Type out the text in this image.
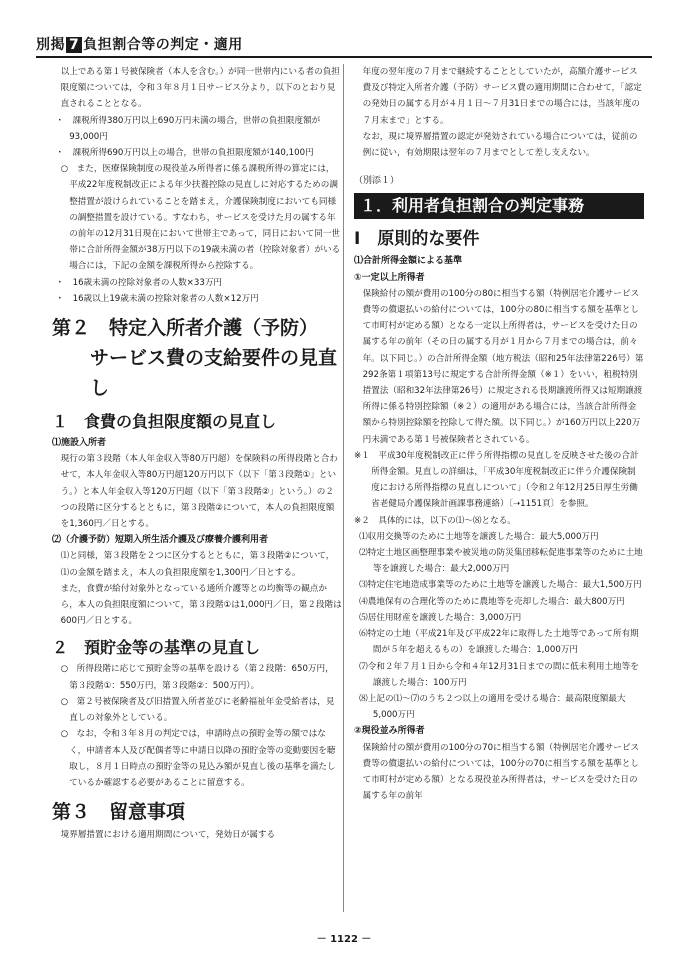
別掲 7 負担割合等の判定・適用

以上である第１号被保険者（本人を含む。）が同一世帯内にいる者の負担限度額については，令和３年８月１日サービス分より，以下のとおり見直されることとなる。

・　課税所得380万円以上690万円未満の場合，世帯の負担限度額が93,000円

・　課税所得690万円以上の場合，世帯の負担限度額が140,100円

○　また，医療保険制度の現役並み所得者に係る課税所得の算定には，平成22年度税制改正による年少扶養控除の見直しに対応するための調整措置が設けられていることを踏まえ，介護保険制度においても同様の調整措置を設けている。すなわち，サービスを受けた月の属する年の前年の12月31日現在において世帯主であって，同日において同一世帯に合計所得金額が38万円以下の19歳未満の者（控除対象者）がいる場合には，下記の金額を課税所得から控除する。

・　16歳未満の控除対象者の人数×33万円

・　16歳以上19歳未満の控除対象者の人数×12万円

第２　特定入所者介護（予防）
サービス費の支給要件の見直し
１　食費の負担限度額の見直し

⑴施設入所者

現行の第３段階（本人年金収入等80万円超）を保険料の所得段階と合わせて，本人年金収入等80万円超120万円以下（以下「第３段階①」という。）と本人年金収入等120万円超（以下「第３段階②」という。）の２つの段階に区分するとともに，第３段階②について，本人の負担限度額を1,360円／日とする。

⑵（介護予防）短期入所生活介護及び療養介護利用者

⑴と同様，第３段階を２つに区分するとともに，第３段階②について，⑴の金額を踏まえ，本人の負担限度額を1,300円／日とする。

また，食費が給付対象外となっている通所介護等との均衡等の観点から，本人の負担限度額について，第３段階①は1,000円／日，第２段階は600円／日とする。

２　預貯金等の基準の見直し

○　所得段階に応じて預貯金等の基準を設ける（第２段階：650万円，第３段階①：550万円，第３段階②：500万円）。

○　第２号被保険者及び旧措置入所者並びに老齢福祉年金受給者は，見直しの対象外としている。

○　なお，令和３年８月の判定では，申請時点の預貯金等の額ではなく，申請者本人及び配偶者等に申請日以降の預貯金等の変動要因を聴取し，８月１日時点の預貯金等の見込み額が見直し後の基準を満たしているか確認する必要があることに留意する。

第３　留意事項

境界層措置における適用期間について，発効日が属する

年度の翌年度の７月まで継続することとしていたが，高額介護サービス費及び特定入所者介護（予防）サービス費の適用期間に合わせて，「認定の発効日の属する月が４月１日～７月31日までの場合には，当該年度の７月末まで」とする。

なお，現に境界層措置の認定が発効されている場合については，従前の例に従い，有効期限は翌年の７月までとして差し支えない。

（別添１）

１．利用者負担割合の判定事務
Ⅰ　原則的な要件

⑴合計所得金額による基準

①一定以上所得者

保険給付の額が費用の100分の80に相当する額（特例居宅介護サービス費等の償還払いの給付については，100分の80に相当する額を基準として市町村が定める額）となる一定以上所得者は，サービスを受けた日の属する年の前年（その日の属する月が１月から７月までの場合は，前々年。以下同じ。）の合計所得金額（地方税法（昭和25年法律第226号）第292条第１項第13号に規定する合計所得金額（※１）をいい，租税特別措置法（昭和32年法律第26号）に規定される長期譲渡所得又は短期譲渡所得に係る特別控除額（※２）の適用がある場合には，当該合計所得金額から特別控除額を控除して得た額。以下同じ。）が160万円以上220万円未満である第１号被保険者とされている。

※１　平成30年度税制改正に伴う所得指標の見直しを反映させた後の合計所得金額。見直しの詳細は，「平成30年度税制改正に伴う介護保険制度における所得指標の見直しについて」（令和２年12月25日厚生労働省老健局介護保険計画課事務連絡）〔➝1151頁〕を参照。

※２　具体的には，以下の⑴～⑻となる。

⑴収用交換等のために土地等を譲渡した場合：最大5,000万円

⑵特定土地区画整理事業や被災地の防災集団移転促進事業等のために土地等を譲渡した場合：最大2,000万円

⑶特定住宅地造成事業等のために土地等を譲渡した場合：最大1,500万円

⑷農地保有の合理化等のために農地等を売却した場合：最大800万円

⑸居住用財産を譲渡した場合：3,000万円

⑹特定の土地（平成21年及び平成22年に取得した土地等であって所有期間が５年を超えるもの）を譲渡した場合：1,000万円

⑺令和２年７月１日から令和４年12月31日までの間に低未利用土地等を譲渡した場合：100万円

⑻上記の⑴～⑺のうち２つ以上の適用を受ける場合：最高限度額最大5,000万円

②現役並み所得者

保険給付の額が費用の100分の70に相当する額（特例居宅介護サービス費等の償還払いの給付については，100分の70に相当する額を基準として市町村が定める額）となる現役並み所得者は，サービスを受けた日の属する年の前年

－ 1122 －
